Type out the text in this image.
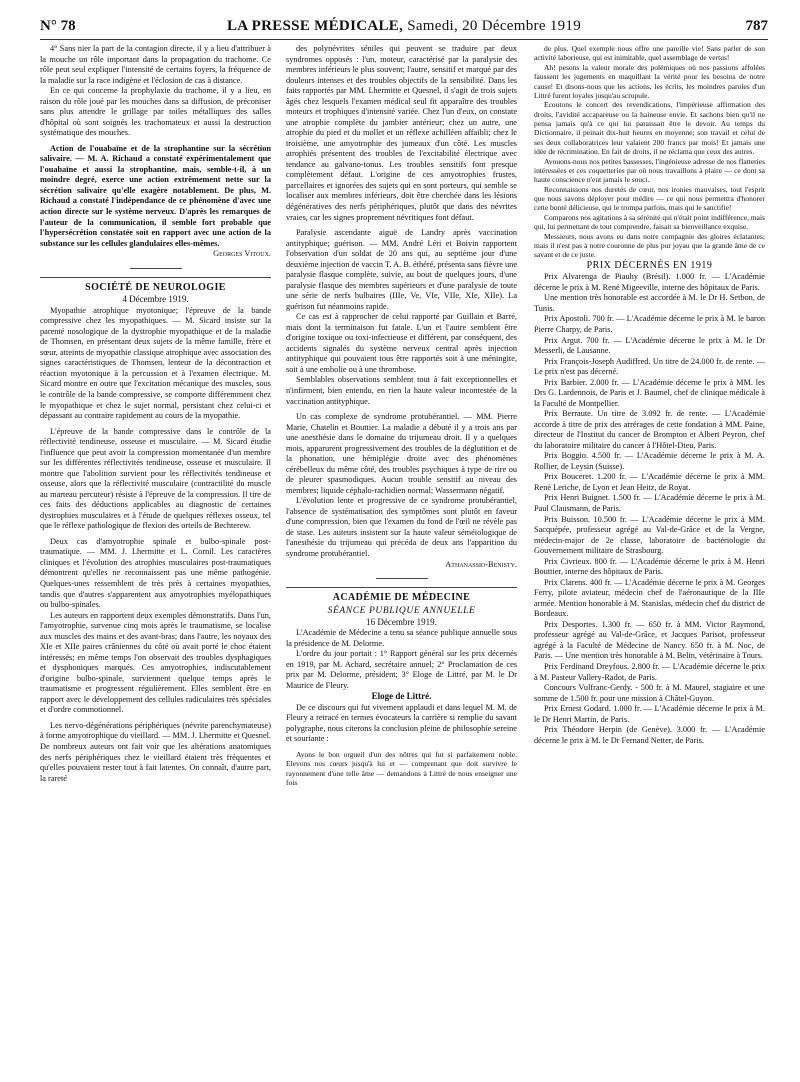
N° 78	LA PRESSE MÉDICALE, Samedi, 20 Décembre 1919	787

4° Sans nier la part de la contagion directe, il y a lieu d'attribuer à la mouche un rôle important dans la propagation du trachome. Ce rôle peut seul expliquer l'intensité de certains foyers, la fréquence de la maladie sur la race indigène et l'éclosion de cas à distance.

En ce qui concerne la prophylaxie du trachome, il y a lieu, en raison du rôle joué par les mouches dans sa diffusion, de préconiser sans plus attendre le grillage par toiles métalliques des salles d'hôpital où sont soignés les trachomateux et aussi la destruction systématique des mouches.

Action de l'ouabaïne et de la strophantine sur la sécrétion salivaire. — M. A. Richaud a constaté expérimentalement que l'ouabaïne et aussi la strophantine, mais, semble-t-il, à un moindre degré, exerce une action extrêmement nette sur la sécrétion salivaire qu'elle exagère notablement. De plus, M. Richaud a constaté l'indépendance de ce phénomène d'avec une action directe sur le système nerveux. D'après les remarques de l'auteur de la communication, il semble fort probable que l'hypersécrétion constatée soit en rapport avec une action de la substance sur les cellules glandulaires elles-mêmes.

Georges Vitoux.

SOCIÉTÉ DE NEUROLOGIE

4 Décembre 1919.

Myopathie atrophique myotonique; l'épreuve de la bande compressive chez les myopathiques. — M. Sicard insiste sur la parenté nosologique de la dystrophie myopathique et de la maladie de Thomsen, en présentant deux sujets de la même famille, frère et sœur, atteints de myopathie classique atrophique avec association des signes caractéristiques de Thomsen, lenteur de la décontraction et réaction myotonique à la percussion et à l'examen électrique. M. Sicard montre en outre que l'excitation mécanique des muscles, sous le contrôle de la bande compressive, se comporte différemment chez le myopathique et chez le sujet normal, persistant chez celui-ci et dépassant au contraire rapidement au cours de la myopathie.

L'épreuve de la bande compressive dans le contrôle de la réflectivité tendineuse, osseuse et musculaire. — M. Sicard étudie l'influence que peut avoir la compression momentanée d'un membre sur les différentes réflectivités tendineuse, osseuse et musculaire. Il montre que l'abolition survient pour les réflectivités tendineuse et osseuse, alors que la réflectivité musculaire (contractilité du muscle au marteau percuteur) résiste à l'épreuve de la compression. Il tire de ces faits des déductions applicables au diagnostic de certaines dystrophies musculaires et à l'étude de quelques réflexes osseux, tel que le réflexe pathologique de flexion des orteils de Bechterew.

Deux cas d'amyotrophie spinale et bulbo-spinale post-traumatique. — MM. J. Lhermitte et L. Cornil. Les caractères cliniques et l'évolution des atrophies musculaires post-traumatiques démontrent qu'elles ne reconnaissent pas une même pathogénie. Quelques-unes ressemblent de très près à certaines myopathies, tandis que d'autres s'apparentent aux amyotrophies myélopathiques ou bulbo-spinales.

Les auteurs en rapportent deux exemples démonstratifs. Dans l'un, l'amyotrophie, survenue cinq mois après le traumatisme, se localise aux muscles des mains et des avant-bras; dans l'autre, les noyaux des XIe et XIIe paires crâniennes du côté où avait porté le choc étaient intéressés; en même temps l'on observait des troubles dysphagiques et dysphoniques marqués. Ces amyotrophies, indiscutablement d'origine bulbo-spinale, surviennent quelque temps après le traumatisme et progressent régulièrement. Elles semblent être en rapport avec le développement des cellules radiculaires très spéciales et d'ordre commotionnel.

Les nervo-dégénérations périphériques (névrite parenchymateuse) à forme amyotrophique du vieillard. — MM. J. Lhermitte et Quesnel. De nombreux auteurs ont fait voir que les altérations anatomiques des nerfs périphériques chez le vieillard étaient très fréquentes et qu'elles pouvaient rester tout à fait latentes. On connaît, d'autre part, la rareté

des polynévrites séniles qui peuvent se traduire par deux syndromes opposés : l'un, moteur, caractérisé par la paralysie des membres inférieurs le plus souvent; l'autre, sensitif et marqué par des douleurs intenses et des troubles objectifs de la sensibilité. Dans les faits rapportés par MM. Lhermitte et Quesnel, il s'agit de trois sujets âgés chez lesquels l'examen médical seul fit apparaître des troubles moteurs et trophiques d'intensité variée. Chez l'un d'eux, on constate une atrophie complète du jambier antérieur; chez un autre, une atrophie du pied et du mollet et un réflexe achilléen affaibli; chez le troisième, une amyotrophie des jumeaux d'un côté. Les muscles atrophiés présentent des troubles de l'excitabilité électrique avec tendance au galvano-tonus. Les troubles sensitifs font presque complètement défaut. L'origine de ces amyotrophies frustes, parcellaires et ignorées des sujets qui en sont porteurs, qui semble se localiser aux membres inférieurs, doit être cherchée dans les lésions dégénératives des nerfs périphériques, plutôt que dans des névrites vraies, car les signes proprement névritiques font défaut.

Paralysie ascendante aiguë de Landry après vaccination antityphique; guérison. — MM. André Léri et Boivin rapportent l'observation d'un soldat de 20 ans qui, au septième jour d'une deuxième injection de vaccin T. A. B. éthéré, présenta sans fièvre une paralysie flasque complète, suivie, au bout de quelques jours, d'une paralysie flasque des membres supérieurs et d'une paralysie de toute une série de nerfs bulbaires (IIIe, Ve, VIe, VIIe, XIe, XIIe). La guérison fut néanmoins rapide.

Ce cas est à rapprocher de celui rapporté par Guillain et Barré, mais dont la terminaison fut fatale. L'un et l'autre semblent être d'origine toxique ou toxi-infectieuse et différent, par conséquent, des accidents signalés du système nerveux central après injection antityphique qui pouvaient tous être rapportés soit à une méningite, soit à une embolie ou à une thrombose.

Semblables observations semblent tout à fait exceptionnelles et n'infirment, bien entendu, en rien la haute valeur incontestée de la vaccination antityphique.

Un cas complexe de syndrome protubérantiel. — MM. Pierre Marie, Chatelin et Bouttier. La maladie a débuté il y a trois ans par une anesthésie dans le domaine du trijumeau droit. Il y a quelques mois, apparurent progressivement des troubles de la déglutition et de la phonation, une hémiplégie droite avec des phénomènes cérébelleux du même côté, des troubles psychiques à type de rire ou de pleurer spasmodiques. Aucun trouble sensitif au niveau des membres; liquide céphalo-rachidien normal; Wassermann négatif.

L'évolution lente et progressive de ce syndrome protubérantiel, l'absence de systématisation des symptômes sont plutôt en faveur d'une compression, bien que l'examen du fond de l'œil ne révèle pas de stase. Les auteurs insistent sur la haute valeur séméiologique de l'anesthésie du trijumeau qui précéda de deux ans l'apparition du syndrome protubérantiel.

Athanassio-Benisty.

ACADÉMIE DE MÉDECINE

SÉANCE PUBLIQUE ANNUELLE

16 Décembre 1919.

L'Académie de Médecine a tenu sa séance publique annuelle sous la présidence de M. Delorme.

L'ordre du jour portait : 1° Rapport général sur les prix décernés en 1919, par M. Achard, secrétaire annuel; 2° Proclamation de ces prix par M. Delorme, président; 3° Eloge de Littré, par M. le Dr Maurice de Fleury.

Eloge de Littré.

De ce discours qui fut vivement applaudi et dans lequel M. M. de Fleury a retracé en termes évocateurs la carrière si remplie du savant polygraphe, nous citerons la conclusion pleine de philosophie sereine et souriante :

Ayons le bon orgueil d'un des nôtres qui fut si parfaitement noble. Elevons nos cœurs jusqu'à lui et — comprenant que doit survivre le rayonnement d'une telle âme — demandons à Littré de nous enseigner une fois

de plus. Quel exemple nous offre une pareille vie! Sans parler de son activité laborieuse, qui est inimitable, quel assemblage de vertus!

Ah! pesons la valeur morale des polémiques où nos passions affolées faussent les jugements en maquillant la vérité pour les besoins de notre cause! Et disons-nous que les actions, les écrits, les moindres paroles d'un Littré furent loyales jusqu'au scrupule.

Ecoutons le concert des revendications, l'impérieuse affirmation des droits, l'avidité accapareuse ou la haineuse envie. Et sachons bien qu'il ne pensa jamais qu'à ce qui lui paraissait être le devoir. Au temps du Dictionnaire, il peinait dix-huit heures en moyenne; son travail et celui de ses deux collaboratrices leur valaient 200 francs par mois! Et jamais une idée de récrimination. En fait de droits, il ne réclama que ceux des autres.

Avouons-nous nos petites bassesses, l'ingénieuse adresse de nos flatteries intéressées et ces coquetteries par où nous travaillons à plaire — ce dont sa haute conscience n'eut jamais le souci.

Reconnaissons nos duretés de cœur, nos ironies mauvaises, tout l'esprit que nous savons déployer pour médire — ce qui nous permettra d'honorer cette bonté délicieuse, qui le trompa parfois, mais qui le sanctifie!

Comparons nos agitations à sa sérénité qui n'était point indifférence, mais qui, lui permettant de tout comprendre, faisait sa bienveillance exquise.

Messieurs, nous avons eu dans notre compagnie des gloires éclatantes; mais il n'est pas à notre couronne de plus pur joyau que la grande âme de ce savant et de ce juste.

PRIX DÉCERNÉS EN 1919

Prix Alvarenga de Piauhy (Brésil). 1.000 fr. — L'Académie décerne le prix à M. René Migeeville, interne des hôpitaux de Paris.

Une mention très honorable est accordée à M. le Dr H. Setbon, de Tunis.

Prix Apostoli. 700 fr. — L'Académie décerne le prix à M. le baron Pierre Charpy, de Paris.

Prix Argut. 700 fr. — L'Académie décerne le prix à M. le Dr Messerli, de Lausanne.

Prix François-Joseph Audiffred. Un titre de 24.000 fr. de rente. — Le prix n'est pas décerné.

Prix Barbier. 2.000 fr. — L'Académie décerne le prix à MM. les Drs G. Lardennois, de Paris et J. Baumel, chef de clinique médicale à la Faculté de Montpellier.

Prix Berraute. Un titre de 3.092 fr. de rente. — L'Académie accorde à titre de prix des arrérages de cette fondation à MM. Paine, directeur de l'Institut du cancer de Brompton et Albert Peyron, chef du laboratoire militaire du cancer à l'Hôtel-Dieu, Paris.

Prix Boggio. 4.500 fr. — L'Académie décerne le prix à M. A. Rollier, de Leysin (Suisse).

Prix Bouceret. 1.200 fr. — L'Académie décerne le prix à MM. René Leriche, de Lyon et Jean Heitz, de Royat.

Prix Henri Buignet. 1.500 fr. — L'Académie décerne le prix à M. Paul Clausmann, de Paris.

Prix Buisson. 10.500 fr. — L'Académie décerne le prix à MM. Sacquépée, professeur agrégé au Val-de-Grâce et de la Vergne, médecin-major de 2e classe, laboratoire de bactériologie du Gouvernement militaire de Strasbourg.

Prix Civrieux. 800 fr. — L'Académie décerne le prix à M. Henri Bouttier, interne des hôpitaux de Paris.

Prix Clarens. 400 fr. — L'Académie décerne le prix à M. Georges Ferry, pilote aviateur, médecin chef de l'aéronautique de la IIIe armée. Mention honorable à M. Stanislas, médecin chef du district de Bordeaux.

Prix Desportes. 1.300 fr. — 650 fr. à MM. Victor Raymond, professeur agrégé au Val-de-Grâce, et Jacques Parisot, professeur agrégé à la Faculté de Médecine de Nancy. 650 fr. à M. Noc, de Paris. — Une mention très honorable à M. Belin, vétérinaire à Tours.

Prix Ferdinand Dreyfous. 2.800 fr. — L'Académie décerne le prix à M. Pasteur Vallery-Radot, de Paris.

Concours Vulfranc-Gerdy. - 500 fr. à M. Maurel, stagiaire et une somme de 1.500 fr. pour une mission à Châtel-Guyon.

Prix Ernest Godard. 1.000 fr. — L'Académie décerne le prix à M. le Dr Henri Martin, de Paris.

Prix Théodore Herpin (de Genève). 3.000 fr. — L'Académie décerne le prix à M. le Dr Fernand Netter, de Paris.
